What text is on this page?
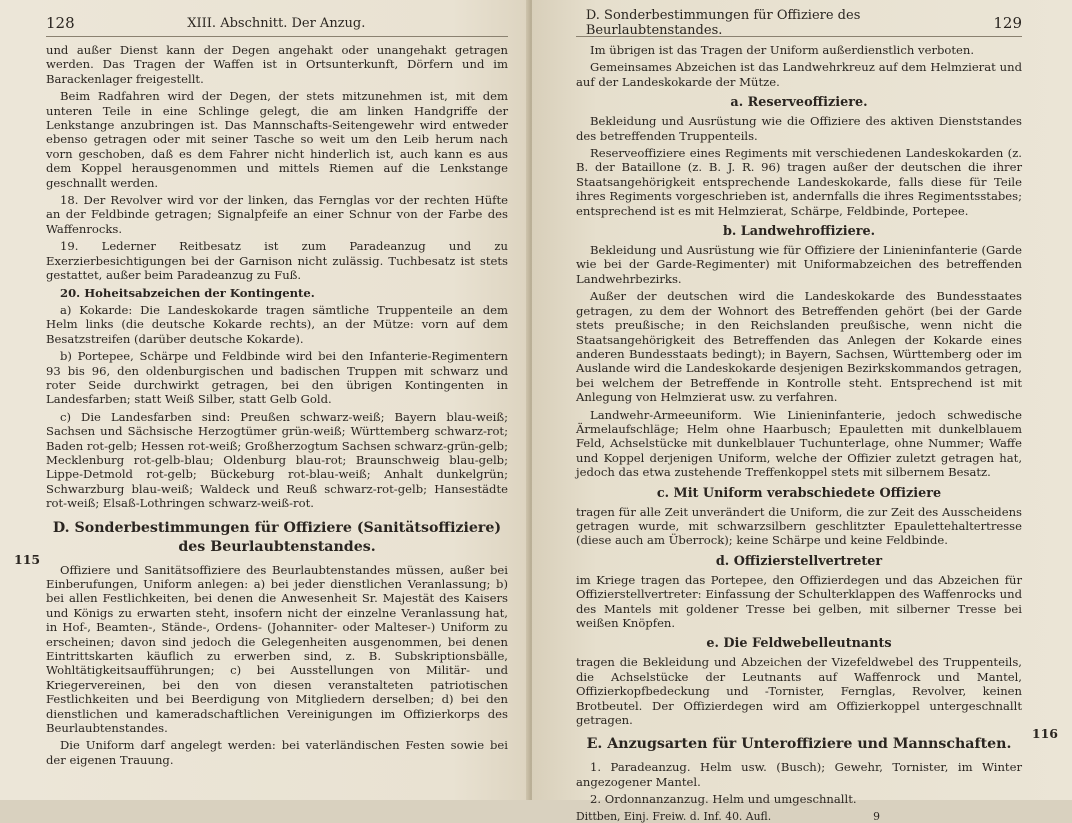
128	XIII. Abschnitt. Der Anzug.

und außer Dienst kann der Degen angehakt oder unangehakt getragen werden. Das Tragen der Waffen ist in Ortsunterkunft, Dörfern und im Barackenlager freigestellt.

Beim Radfahren wird der Degen, der stets mitzunehmen ist, mit dem unteren Teile in eine Schlinge gelegt, die am linken Handgriffe der Lenkstange anzubringen ist. Das Mannschafts-Seitengewehr wird entweder ebenso getragen oder mit seiner Tasche so weit um den Leib herum nach vorn geschoben, daß es dem Fahrer nicht hinderlich ist, auch kann es aus dem Koppel herausgenommen und mittels Riemen auf die Lenkstange geschnallt werden.

18. Der Revolver wird vor der linken, das Fernglas vor der rechten Hüfte an der Feldbinde getragen; Signalpfeife an einer Schnur von der Farbe des Waffenrocks.

19. Lederner Reitbesatz ist zum Paradeanzug und zu Exerzierbesichtigungen bei der Garnison nicht zulässig. Tuchbesatz ist stets gestattet, außer beim Paradeanzug zu Fuß.

20. Hoheitsabzeichen der Kontingente.

a) Kokarde: Die Landeskokarde tragen sämtliche Truppenteile an dem Helm links (die deutsche Kokarde rechts), an der Mütze: vorn auf dem Besatzstreifen (darüber deutsche Kokarde).

b) Portepee, Schärpe und Feldbinde wird bei den Infanterie-Regimentern 93 bis 96, den oldenburgischen und badischen Truppen mit schwarz und roter Seide durchwirkt getragen, bei den übrigen Kontingenten in Landesfarben; statt Weiß Silber, statt Gelb Gold.

c) Die Landesfarben sind: Preußen schwarz-weiß; Bayern blau-weiß; Sachsen und Sächsische Herzogtümer grün-weiß; Württemberg schwarz-rot; Baden rot-gelb; Hessen rot-weiß; Großherzogtum Sachsen schwarz-grün-gelb; Mecklenburg rot-gelb-blau; Oldenburg blau-rot; Braunschweig blau-gelb; Lippe-Detmold rot-gelb; Bückeburg rot-blau-weiß; Anhalt dunkelgrün; Schwarzburg blau-weiß; Waldeck und Reuß schwarz-rot-gelb; Hansestädte rot-weiß; Elsaß-Lothringen schwarz-weiß-rot.

D. Sonderbestimmungen für Offiziere (Sanitätsoffiziere) des Beurlaubtenstandes.
115

Offiziere und Sanitätsoffiziere des Beurlaubtenstandes müssen, außer bei Einberufungen, Uniform anlegen: a) bei jeder dienstlichen Veranlassung; b) bei allen Festlichkeiten, bei denen die Anwesenheit Sr. Majestät des Kaisers und Königs zu erwarten steht, insofern nicht der einzelne Veranlassung hat, in Hof-, Beamten-, Stände-, Ordens- (Johanniter- oder Malteser-) Uniform zu erscheinen; davon sind jedoch die Gelegenheiten ausgenommen, bei denen Eintrittskarten käuflich zu erwerben sind, z. B. Subskriptionsbälle, Wohltätigkeitsaufführungen; c) bei Ausstellungen von Militär- und Kriegervereinen, bei den von diesen veranstalteten patriotischen Festlichkeiten und bei Beerdigung von Mitgliedern derselben; d) bei den dienstlichen und kameradschaftlichen Vereinigungen im Offizierkorps des Beurlaubtenstandes.

Die Uniform darf angelegt werden: bei vaterländischen Festen sowie bei der eigenen Trauung.

D. Sonderbestimmungen für Offiziere des Beurlaubtenstandes.	129

Im übrigen ist das Tragen der Uniform außerdienstlich verboten.

Gemeinsames Abzeichen ist das Landwehrkreuz auf dem Helmzierat und auf der Landeskokarde der Mütze.

a. Reserveoffiziere.

Bekleidung und Ausrüstung wie die Offiziere des aktiven Dienststandes des betreffenden Truppenteils.

Reserveoffiziere eines Regiments mit verschiedenen Landeskokarden (z. B. der Bataillone (z. B. J. R. 96) tragen außer der deutschen die ihrer Staatsangehörigkeit entsprechende Landeskokarde, falls diese für Teile ihres Regiments vorgeschrieben ist, andernfalls die ihres Regimentsstabes; entsprechend ist es mit Helmzierat, Schärpe, Feldbinde, Portepee.

b. Landwehroffiziere.

Bekleidung und Ausrüstung wie für Offiziere der Linieninfanterie (Garde wie bei der Garde-Regimenter) mit Uniformabzeichen des betreffenden Landwehrbezirks.

Außer der deutschen wird die Landeskokarde des Bundesstaates getragen, zu dem der Wohnort des Betreffenden gehört (bei der Garde stets preußische; in den Reichslanden preußische, wenn nicht die Staatsangehörigkeit des Betreffenden das Anlegen der Kokarde eines anderen Bundesstaats bedingt); in Bayern, Sachsen, Württemberg oder im Auslande wird die Landeskokarde desjenigen Bezirkskommandos getragen, bei welchem der Betreffende in Kontrolle steht. Entsprechend ist mit Anlegung von Helmzierat usw. zu verfahren.

Landwehr-Armeeuniform. Wie Linieninfanterie, jedoch schwedische Ärmelaufschläge; Helm ohne Haarbusch; Epauletten mit dunkelblauem Feld, Achselstücke mit dunkelblauer Tuchunterlage, ohne Nummer; Waffe und Koppel derjenigen Uniform, welche der Offizier zuletzt getragen hat, jedoch das etwa zustehende Treffenkoppel stets mit silbernem Besatz.

c. Mit Uniform verabschiedete Offiziere

tragen für alle Zeit unverändert die Uniform, die zur Zeit des Ausscheidens getragen wurde, mit schwarzsilbern geschlitzter Epaulettehaltertresse (diese auch am Überrock); keine Schärpe und keine Feldbinde.

d. Offizierstellvertreter

im Kriege tragen das Portepee, den Offizierdegen und das Abzeichen für Offizierstellvertreter: Einfassung der Schulterklappen des Waffenrocks und des Mantels mit goldener Tresse bei gelben, mit silberner Tresse bei weißen Knöpfen.

e. Die Feldwebelleutnants

tragen die Bekleidung und Abzeichen der Vizefeldwebel des Truppenteils, die Achselstücke der Leutnants auf Waffenrock und Mantel, Offizierkopfbedeckung und -Tornister, Fernglas, Revolver, keinen Brotbeutel. Der Offizierdegen wird am Offizierkoppel untergeschnallt getragen.

E. Anzugsarten für Unteroffiziere und Mannschaften.
116

1. Paradeanzug. Helm usw. (Busch); Gewehr, Tornister, im Winter angezogener Mantel.

2. Ordonnanzanzug. Helm und umgeschnallt.

Dittben, Einj. Freiw. d. Inf. 40. Aufl.	9
